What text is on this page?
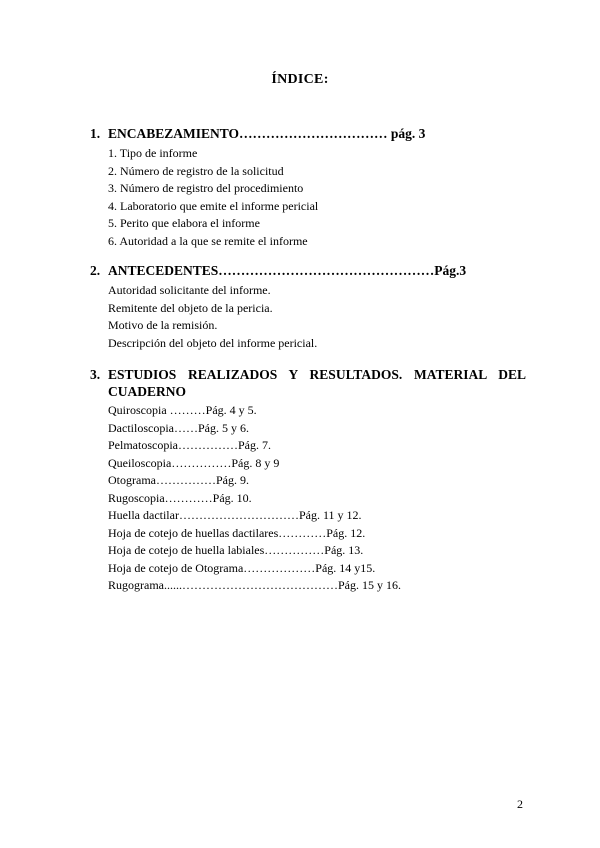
ÍNDICE:
1. ENCABEZAMIENTO…………………………… pág. 3
1. Tipo de informe
2. Número de registro de la solicitud
3. Número de registro del procedimiento
4. Laboratorio que emite el informe pericial
5. Perito que elabora el informe
6. Autoridad a la que se remite el informe
2. ANTECEDENTES…………………………………………Pág.3
Autoridad solicitante del informe.
Remitente del objeto de la pericia.
Motivo de la remisión.
Descripción del objeto del informe pericial.
3. ESTUDIOS REALIZADOS Y RESULTADOS. MATERIAL DEL
CUADERNO
Quiroscopia ………Pág. 4 y 5.
Dactiloscopia……Pág. 5 y 6.
Pelmatoscopia……………Pág. 7.
Queiloscopia……………Pág. 8 y 9
Otograma……………Pág. 9.
Rugoscopia…………Pág. 10.
Huella dactilar…………………………Pág. 11 y 12.
Hoja de cotejo de huellas dactilares…………Pág. 12.
Hoja de cotejo de huella labiales……………Pág. 13.
Hoja de cotejo de Otograma………………Pág. 14 y15.
Rugograma......…………………………………Pág. 15 y 16.
2
